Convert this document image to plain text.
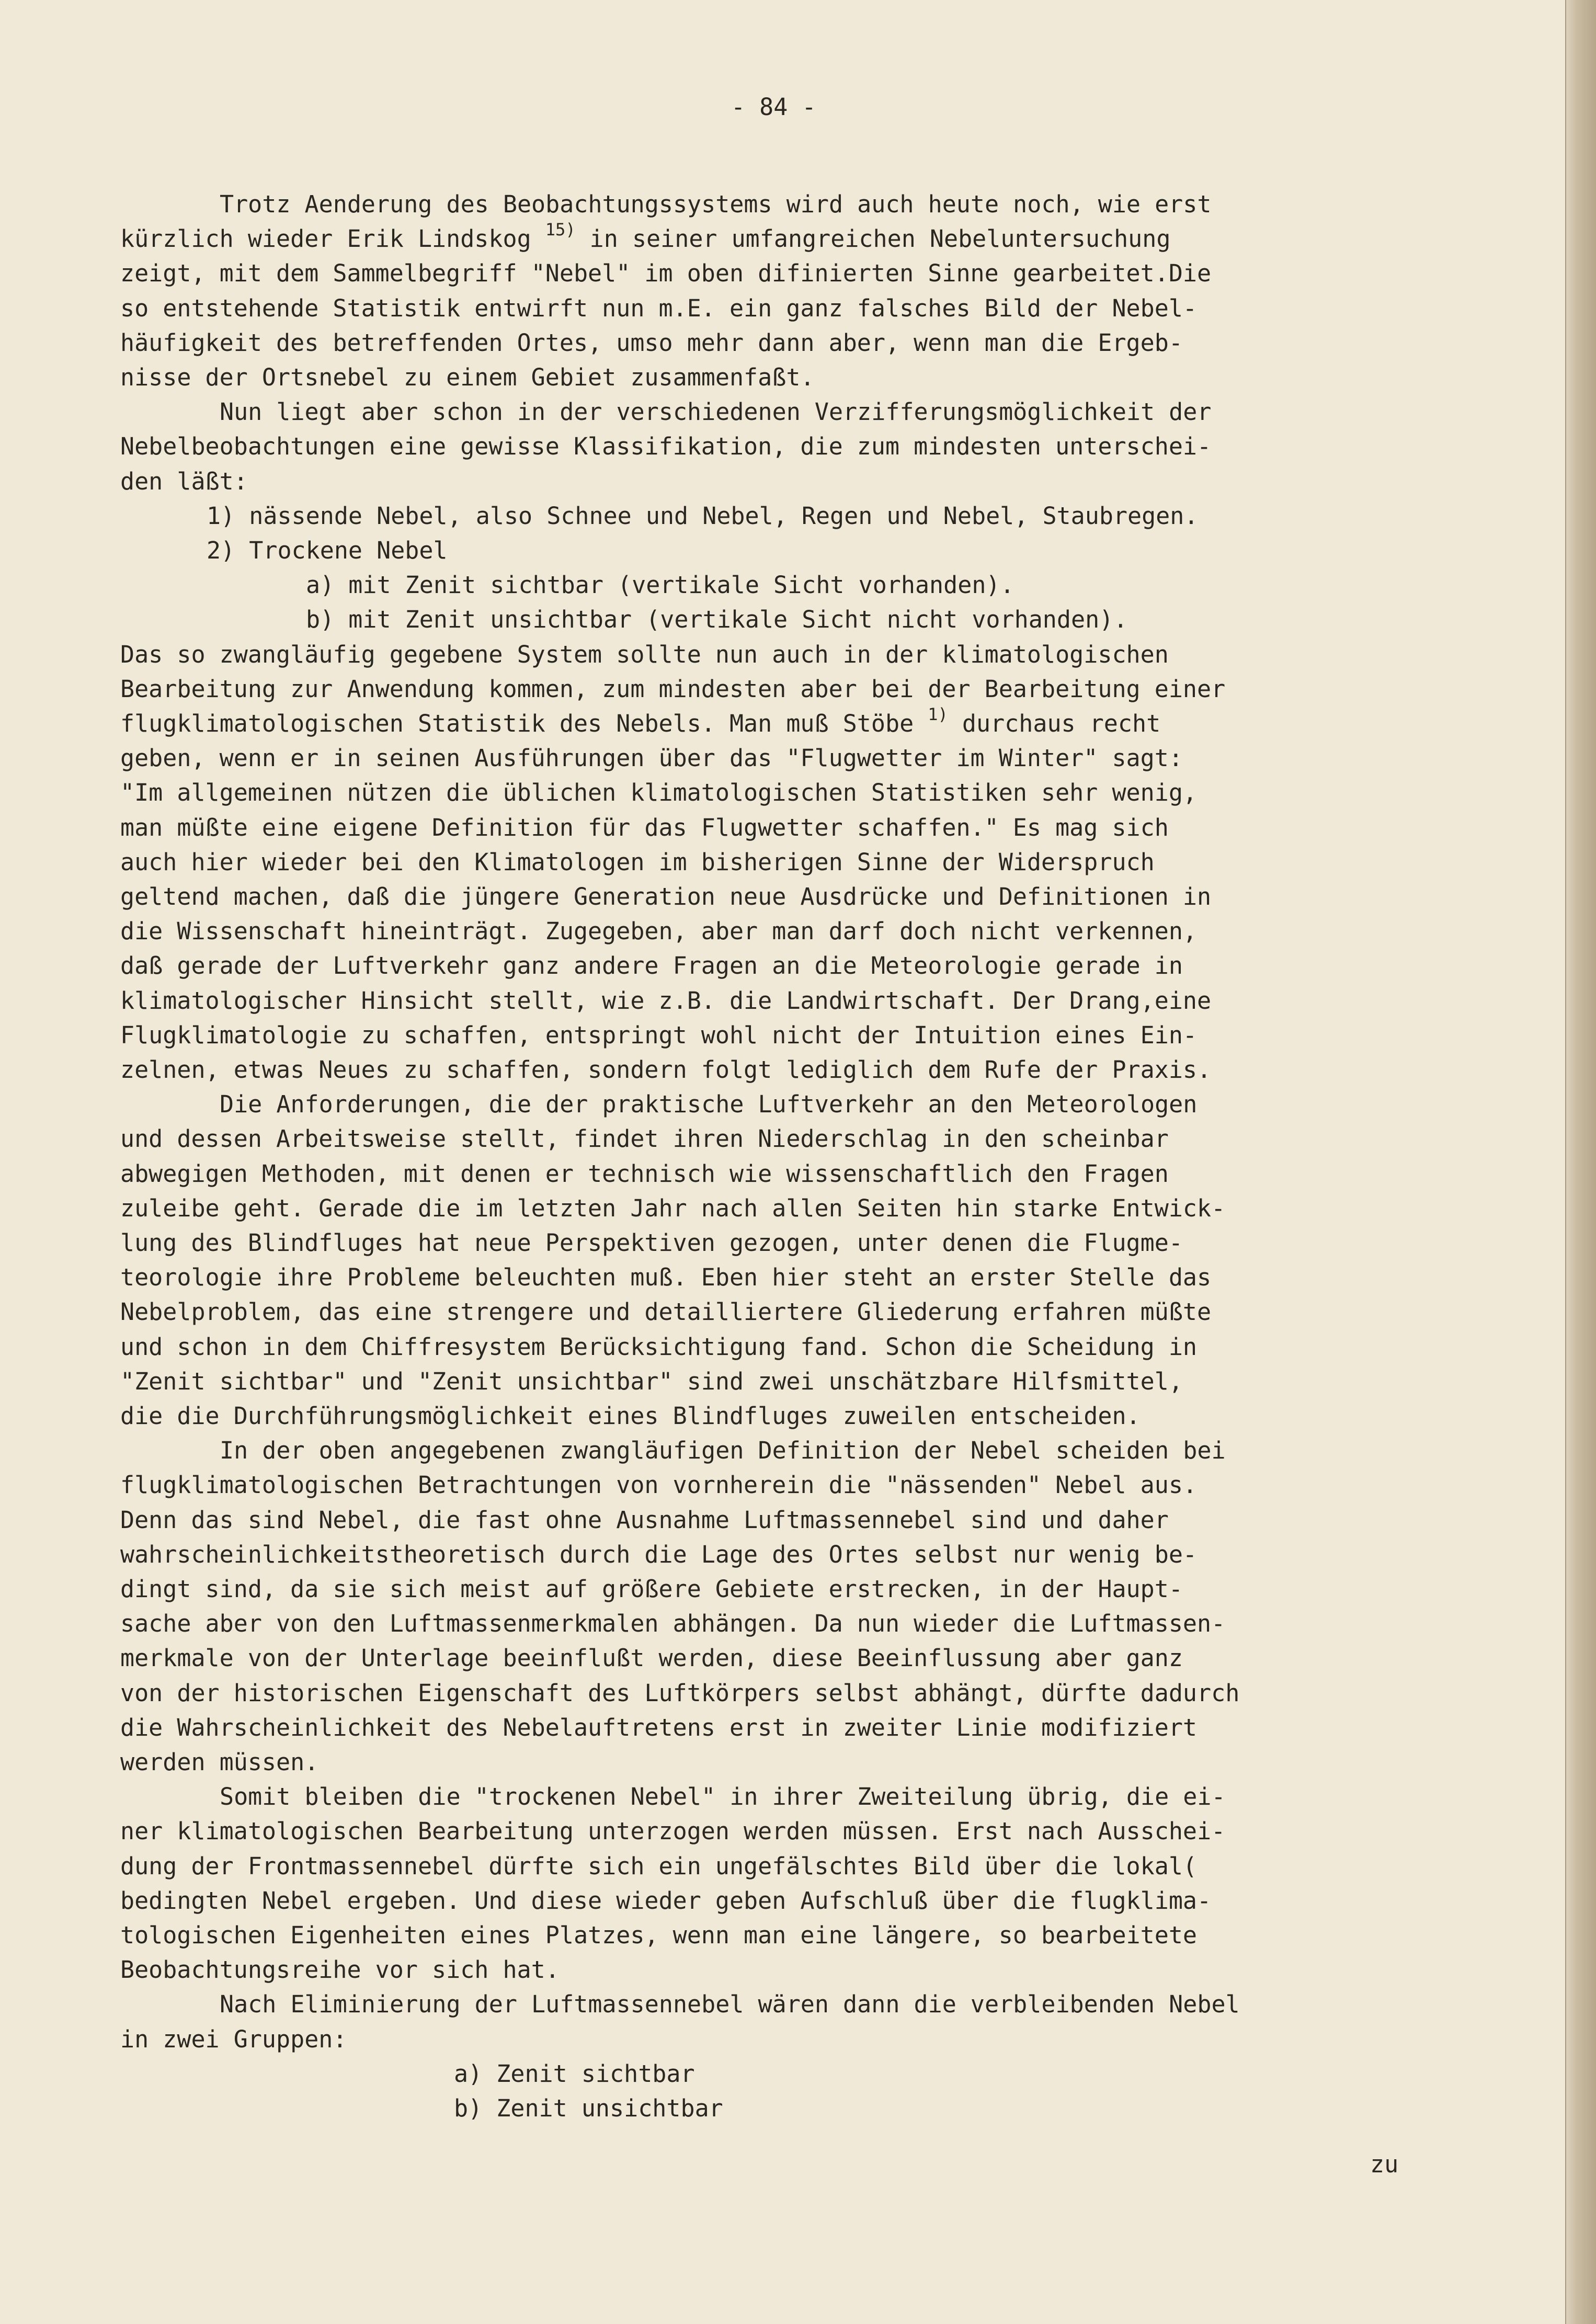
- 84 -
Trotz Aenderung des Beobachtungssystems wird auch heute noch, wie erst
kürzlich wieder Erik Lindskog $^{15)}$ in seiner umfangreichen Nebeluntersuchung
zeigt, mit dem Sammelbegriff "Nebel" im oben difinierten Sinne gearbeitet.Die
so entstehende Statistik entwirft nun m.E. ein ganz falsches Bild der Nebel-
häufigkeit des betreffenden Ortes, umso mehr dann aber, wenn man die Ergeb-
nisse der Ortsnebel zu einem Gebiet zusammenfaßt.
Nun liegt aber schon in der verschiedenen Verzifferungsmöglichkeit der
Nebelbeobachtungen eine gewisse Klassifikation, die zum mindesten unterschei-
den läßt:
1) nässende Nebel, also Schnee und Nebel, Regen und Nebel, Staubregen.
2) Trockene Nebel
a) mit Zenit sichtbar (vertikale Sicht vorhanden).
b) mit Zenit unsichtbar (vertikale Sicht nicht vorhanden).
Das so zwangläufig gegebene System sollte nun auch in der klimatologischen
Bearbeitung zur Anwendung kommen, zum mindesten aber bei der Bearbeitung einer
flugklimatologischen Statistik des Nebels. Man muß Stöbe $^{1)}$ durchaus recht
geben, wenn er in seinen Ausführungen über das "Flugwetter im Winter" sagt:
"Im allgemeinen nützen die üblichen klimatologischen Statistiken sehr wenig,
man müßte eine eigene Definition für das Flugwetter schaffen." Es mag sich
auch hier wieder bei den Klimatologen im bisherigen Sinne der Widerspruch
geltend machen, daß die jüngere Generation neue Ausdrücke und Definitionen in
die Wissenschaft hineinträgt. Zugegeben, aber man darf doch nicht verkennen,
daß gerade der Luftverkehr ganz andere Fragen an die Meteorologie gerade in
klimatologischer Hinsicht stellt, wie z.B. die Landwirtschaft. Der Drang,eine
Flugklimatologie zu schaffen, entspringt wohl nicht der Intuition eines Ein-
zelnen, etwas Neues zu schaffen, sondern folgt lediglich dem Rufe der Praxis.
Die Anforderungen, die der praktische Luftverkehr an den Meteorologen
und dessen Arbeitsweise stellt, findet ihren Niederschlag in den scheinbar
abwegigen Methoden, mit denen er technisch wie wissenschaftlich den Fragen
zuleibe geht. Gerade die im letzten Jahr nach allen Seiten hin starke Entwick-
lung des Blindfluges hat neue Perspektiven gezogen, unter denen die Flugme-
teorologie ihre Probleme beleuchten muß. Eben hier steht an erster Stelle das
Nebelproblem, das eine strengere und detailliertere Gliederung erfahren müßte
und schon in dem Chiffresystem Berücksichtigung fand. Schon die Scheidung in
"Zenit sichtbar" und "Zenit unsichtbar" sind zwei unschätzbare Hilfsmittel,
die die Durchführungsmöglichkeit eines Blindfluges zuweilen entscheiden.
In der oben angegebenen zwangläufigen Definition der Nebel scheiden bei
flugklimatologischen Betrachtungen von vornherein die "nässenden" Nebel aus.
Denn das sind Nebel, die fast ohne Ausnahme Luftmassennebel sind und daher
wahrscheinlichkeitstheoretisch durch die Lage des Ortes selbst nur wenig be-
dingt sind, da sie sich meist auf größere Gebiete erstrecken, in der Haupt-
sache aber von den Luftmassenmerkmalen abhängen. Da nun wieder die Luftmassen-
merkmale von der Unterlage beeinflußt werden, diese Beeinflussung aber ganz
von der historischen Eigenschaft des Luftkörpers selbst abhängt, dürfte dadurch
die Wahrscheinlichkeit des Nebelauftretens erst in zweiter Linie modifiziert
werden müssen.
Somit bleiben die "trockenen Nebel" in ihrer Zweiteilung übrig, die ei-
ner klimatologischen Bearbeitung unterzogen werden müssen. Erst nach Ausschei-
dung der Frontmassennebel dürfte sich ein ungefälschtes Bild über die lokal(
bedingten Nebel ergeben. Und diese wieder geben Aufschluß über die flugklima-
tologischen Eigenheiten eines Platzes, wenn man eine längere, so bearbeitete
Beobachtungsreihe vor sich hat.
Nach Eliminierung der Luftmassennebel wären dann die verbleibenden Nebel
in zwei Gruppen:
a) Zenit sichtbar
b) Zenit unsichtbar
zu
